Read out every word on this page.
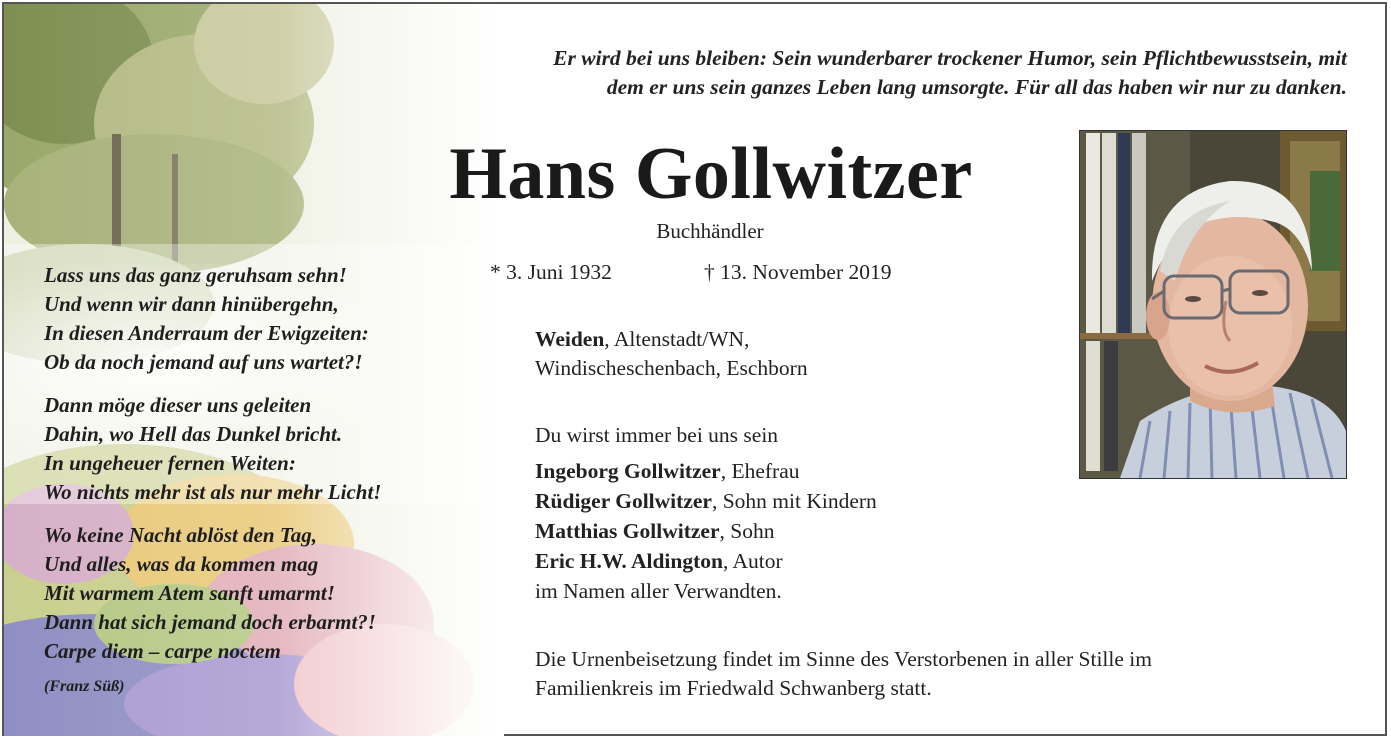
Er wird bei uns bleiben: Sein wunderbarer trockener Humor, sein Pflichtbewusstsein, mit
dem er uns sein ganzes Leben lang umsorgte. Für all das haben wir nur zu danken.
Hans Gollwitzer
Buchhändler
* 3. Juni 1932	† 13. November 2019
Lass uns das ganz geruhsam sehn!
Und wenn wir dann hinübergehn,
In diesen Anderraum der Ewigzeiten:
Ob da noch jemand auf uns wartet?!
Dann möge dieser uns geleiten
Dahin, wo Hell das Dunkel bricht.
In ungeheuer fernen Weiten:
Wo nichts mehr ist als nur mehr Licht!
Wo keine Nacht ablöst den Tag,
Und alles, was da kommen mag
Mit warmem Atem sanft umarmt!
Dann hat sich jemand doch erbarmt?!
Carpe diem – carpe noctem
(Franz Süß)
Weiden, Altenstadt/WN,
Windischeschenbach, Eschborn
Du wirst immer bei uns sein
Ingeborg Gollwitzer, Ehefrau
Rüdiger Gollwitzer, Sohn mit Kindern
Matthias Gollwitzer, Sohn
Eric H.W. Aldington, Autor
im Namen aller Verwandten.
Die Urnenbeisetzung findet im Sinne des Verstorbenen in aller Stille im
Familienkreis im Friedwald Schwanberg statt.
